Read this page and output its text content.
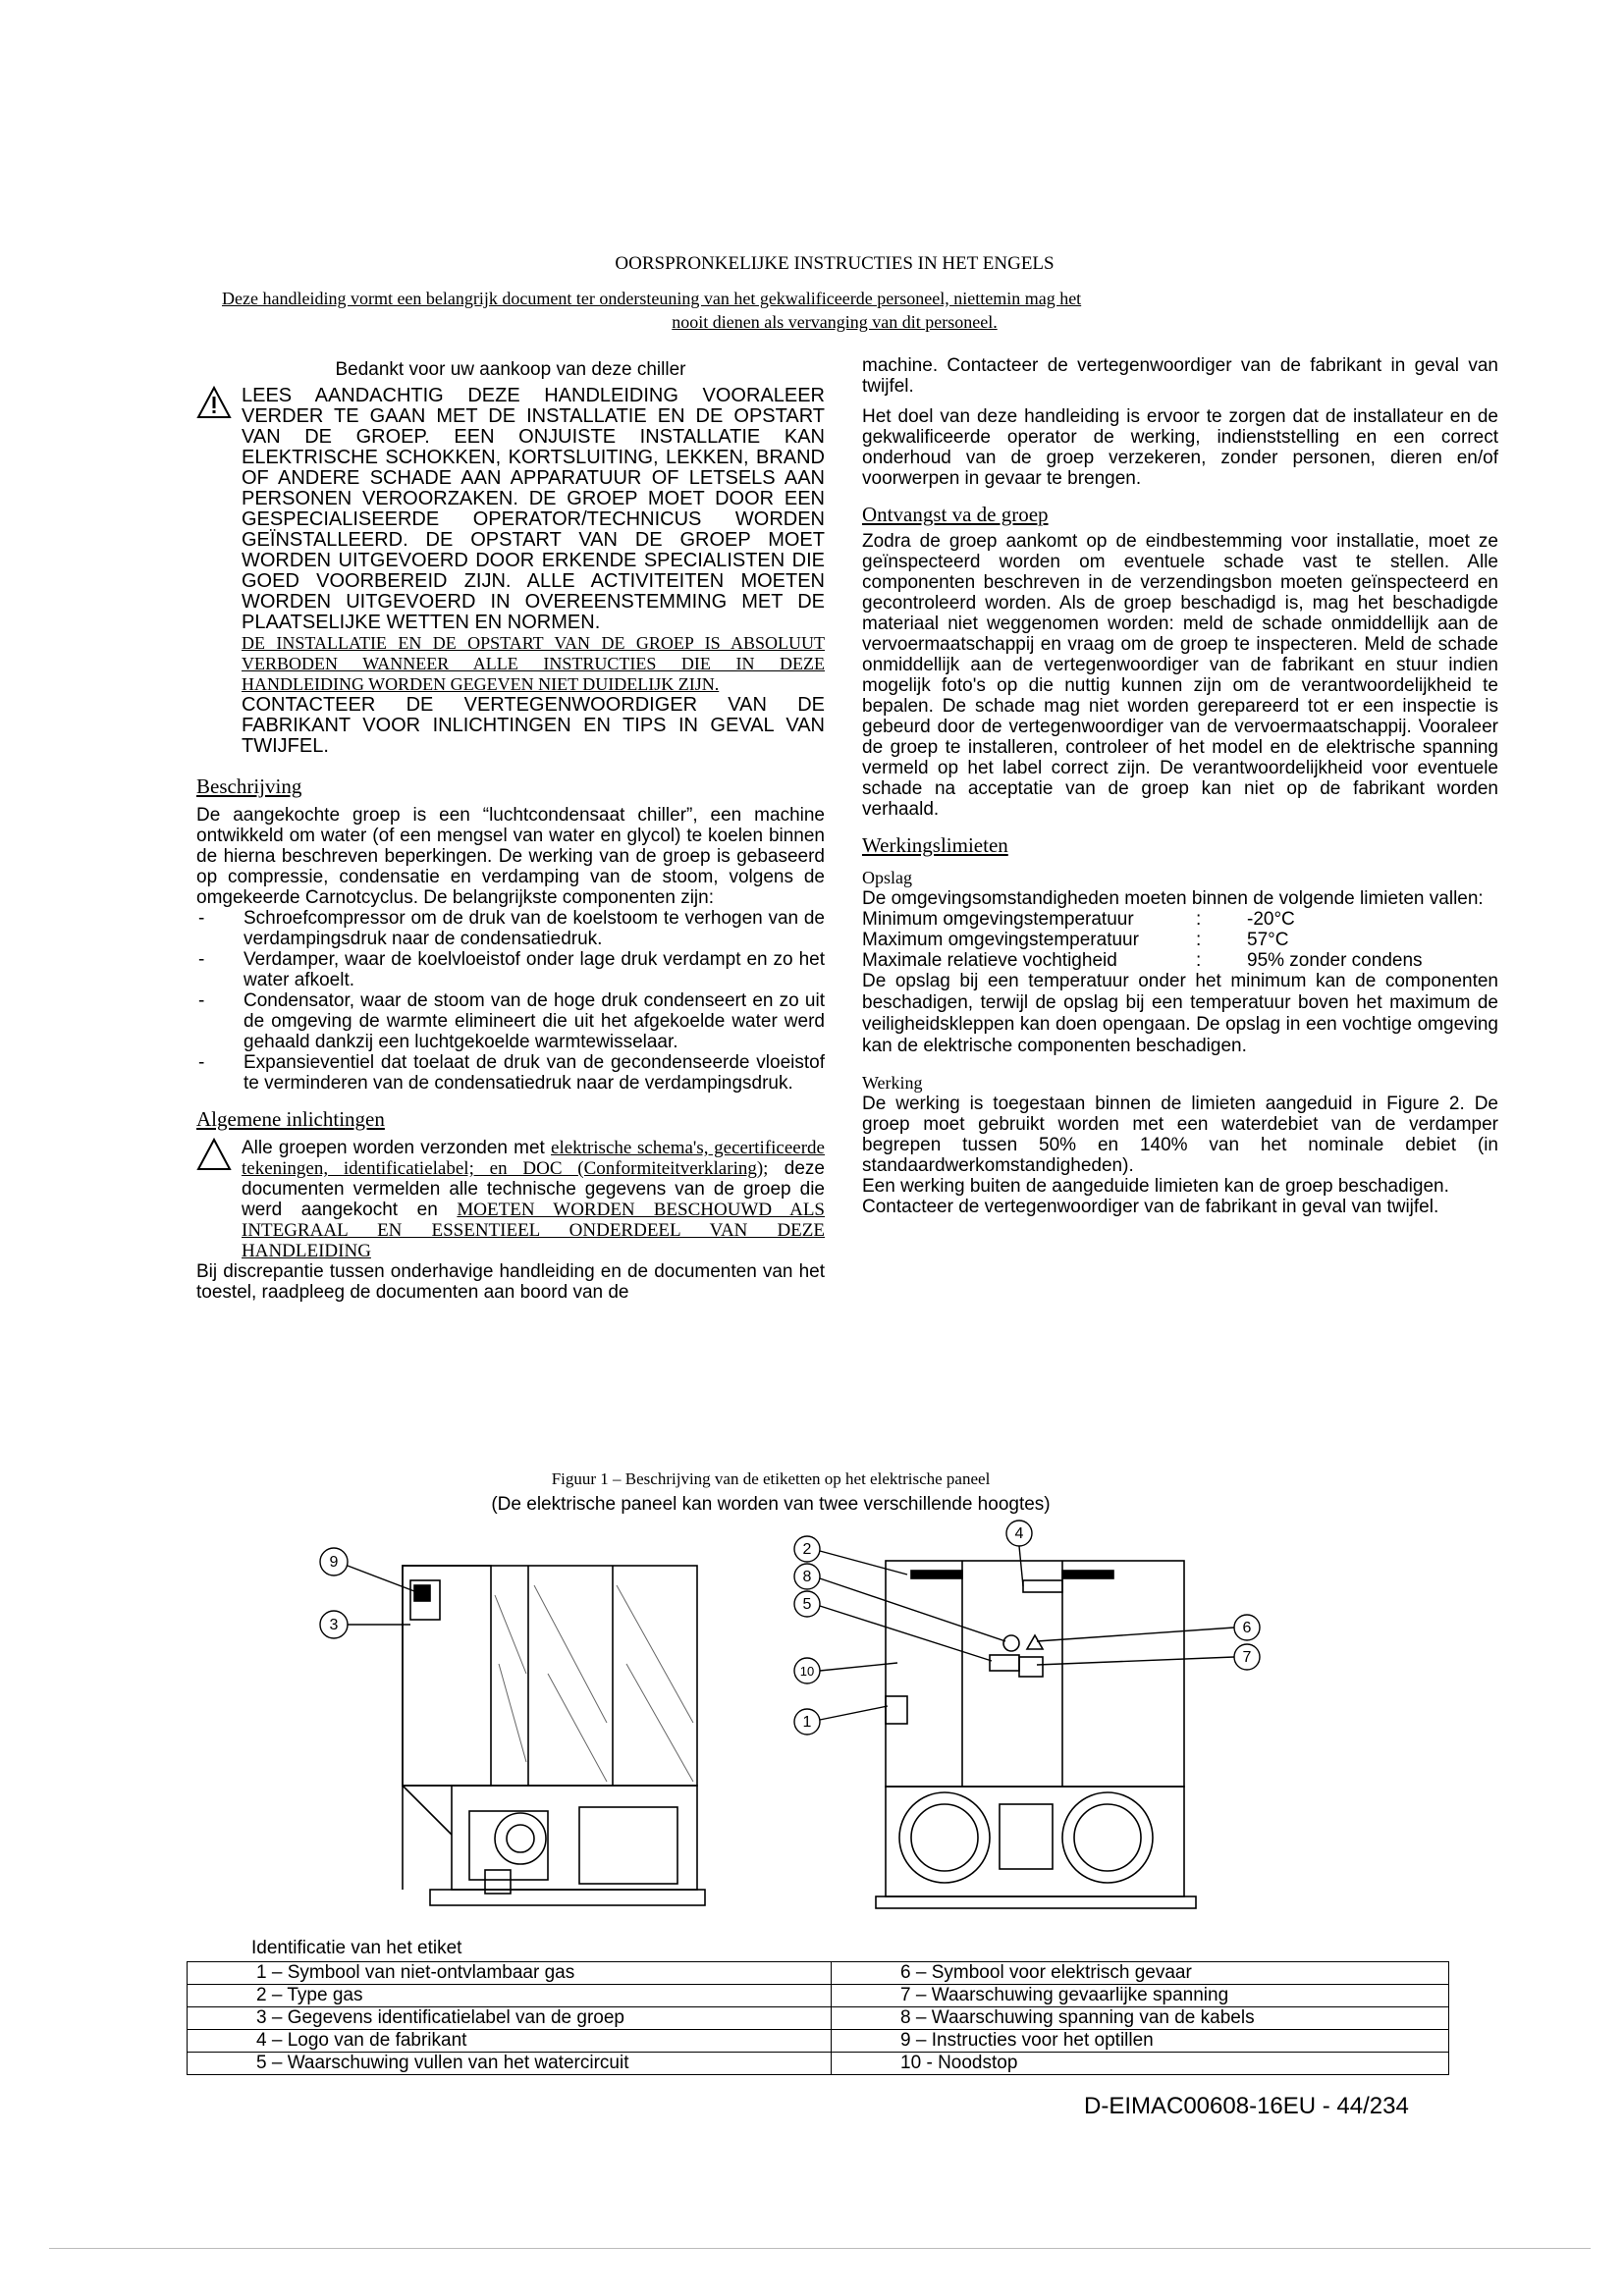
OORSPRONKELIJKE INSTRUCTIES IN HET ENGELS
Deze handleiding vormt een belangrijk document ter ondersteuning van het gekwalificeerde personeel, niettemin mag het
nooit dienen als vervanging van dit personeel.
Bedankt voor uw aankoop van deze chiller
LEES AANDACHTIG DEZE HANDLEIDING VOORALEER VERDER TE GAAN MET DE INSTALLATIE EN DE OPSTART VAN DE GROEP. EEN ONJUISTE INSTALLATIE KAN ELEKTRISCHE SCHOKKEN, KORTSLUITING, LEKKEN, BRAND OF ANDERE SCHADE AAN APPARATUUR OF LETSELS AAN PERSONEN VEROORZAKEN. DE GROEP MOET DOOR EEN GESPECIALISEERDE OPERATOR/TECHNICUS WORDEN GEÏNSTALLEERD. DE OPSTART VAN DE GROEP MOET WORDEN UITGEVOERD DOOR ERKENDE SPECIALISTEN DIE GOED VOORBEREID ZIJN. ALLE ACTIVITEITEN MOETEN WORDEN UITGEVOERD IN OVEREENSTEMMING MET DE PLAATSELIJKE WETTEN EN NORMEN.
DE INSTALLATIE EN DE OPSTART VAN DE GROEP IS ABSOLUUT VERBODEN WANNEER ALLE INSTRUCTIES DIE IN DEZE HANDLEIDING WORDEN GEGEVEN NIET DUIDELIJK ZIJN.
CONTACTEER DE VERTEGENWOORDIGER VAN DE FABRIKANT VOOR INLICHTINGEN EN TIPS IN GEVAL VAN TWIJFEL.
Beschrijving
De aangekochte groep is een “luchtcondensaat chiller”, een machine ontwikkeld om water (of een mengsel van water en glycol) te koelen binnen de hierna beschreven beperkingen. De werking van de groep is gebaseerd op compressie, condensatie en verdamping van de stoom, volgens de omgekeerde Carnotcyclus. De belangrijkste componenten zijn:
- Schroefcompressor om de druk van de koelstoom te verhogen van de verdampingsdruk naar de condensatiedruk.
- Verdamper, waar de koelvloeistof onder lage druk verdampt en zo het water afkoelt.
- Condensator, waar de stoom van de hoge druk condenseert en zo uit de omgeving de warmte elimineert die uit het afgekoelde water werd gehaald dankzij een luchtgekoelde warmtewisselaar.
- Expansieventiel dat toelaat de druk van de gecondenseerde vloeistof te verminderen van de condensatiedruk naar de verdampingsdruk.
Algemene inlichtingen
Alle groepen worden verzonden met elektrische schema's, gecertificeerde tekeningen, identificatielabel; en DOC (Conformiteitverklaring); deze documenten vermelden alle technische gegevens van de groep die werd aangekocht en MOETEN WORDEN BESCHOUWD ALS INTEGRAAL EN ESSENTIEEL ONDERDEEL VAN DEZE HANDLEIDING
Bij discrepantie tussen onderhavige handleiding en de documenten van het toestel, raadpleeg de documenten aan boord van de
machine. Contacteer de vertegenwoordiger van de fabrikant in geval van twijfel.
Het doel van deze handleiding is ervoor te zorgen dat de installateur en de gekwalificeerde operator de werking, indienststelling en een correct onderhoud van de groep verzekeren, zonder personen, dieren en/of voorwerpen in gevaar te brengen.
Ontvangst va de groep
Zodra de groep aankomt op de eindbestemming voor installatie, moet ze geïnspecteerd worden om eventuele schade vast te stellen. Alle componenten beschreven in de verzendingsbon moeten geïnspecteerd en gecontroleerd worden. Als de groep beschadigd is, mag het beschadigde materiaal niet weggenomen worden: meld de schade onmiddellijk aan de vervoermaatschappij en vraag om de groep te inspecteren. Meld de schade onmiddellijk aan de vertegenwoordiger van de fabrikant en stuur indien mogelijk foto's op die nuttig kunnen zijn om de verantwoordelijkheid te bepalen. De schade mag niet worden gerepareerd tot er een inspectie is gebeurd door de vertegenwoordiger van de vervoermaatschappij. Vooraleer de groep te installeren, controleer of het model en de elektrische spanning vermeld op het label correct zijn. De verantwoordelijkheid voor eventuele schade na acceptatie van de groep kan niet op de fabrikant worden verhaald.
Werkingslimieten
Opslag
De omgevingsomstandigheden moeten binnen de volgende limieten vallen:
Minimum omgevingstemperatuur	:	-20°C
Maximum omgevingstemperatuur	:	57°C
Maximale relatieve vochtigheid	:	95% zonder condens
De opslag bij een temperatuur onder het minimum kan de componenten beschadigen, terwijl de opslag bij een temperatuur boven het maximum de veiligheidskleppen kan doen opengaan. De opslag in een vochtige omgeving kan de elektrische componenten beschadigen.
Werking
De werking is toegestaan binnen de limieten aangeduid in Figure 2. De groep moet gebruikt worden met een waterdebiet van de verdamper begrepen tussen 50% en 140% van het nominale debiet (in standaardwerkomstandigheden).
Een werking buiten de aangeduide limieten kan de groep beschadigen.
Contacteer de vertegenwoordiger van de fabrikant in geval van twijfel.
Figuur 1 – Beschrijving van de etiketten op het elektrische paneel
(De elektrische paneel kan worden van twee verschillende hoogtes)
9
3
4
2
8
5
10
1
6
7
Identificatie van het etiket
1 – Symbool van niet-ontvlambaar gas	6 – Symbool voor elektrisch gevaar
2 – Type gas	7 – Waarschuwing gevaarlijke spanning
3 – Gegevens identificatielabel van de groep	8 – Waarschuwing spanning van de kabels
4 – Logo van de fabrikant	9 – Instructies voor het optillen
5 – Waarschuwing vullen van het watercircuit	10 - Noodstop
D-EIMAC00608-16EU - 44/234
